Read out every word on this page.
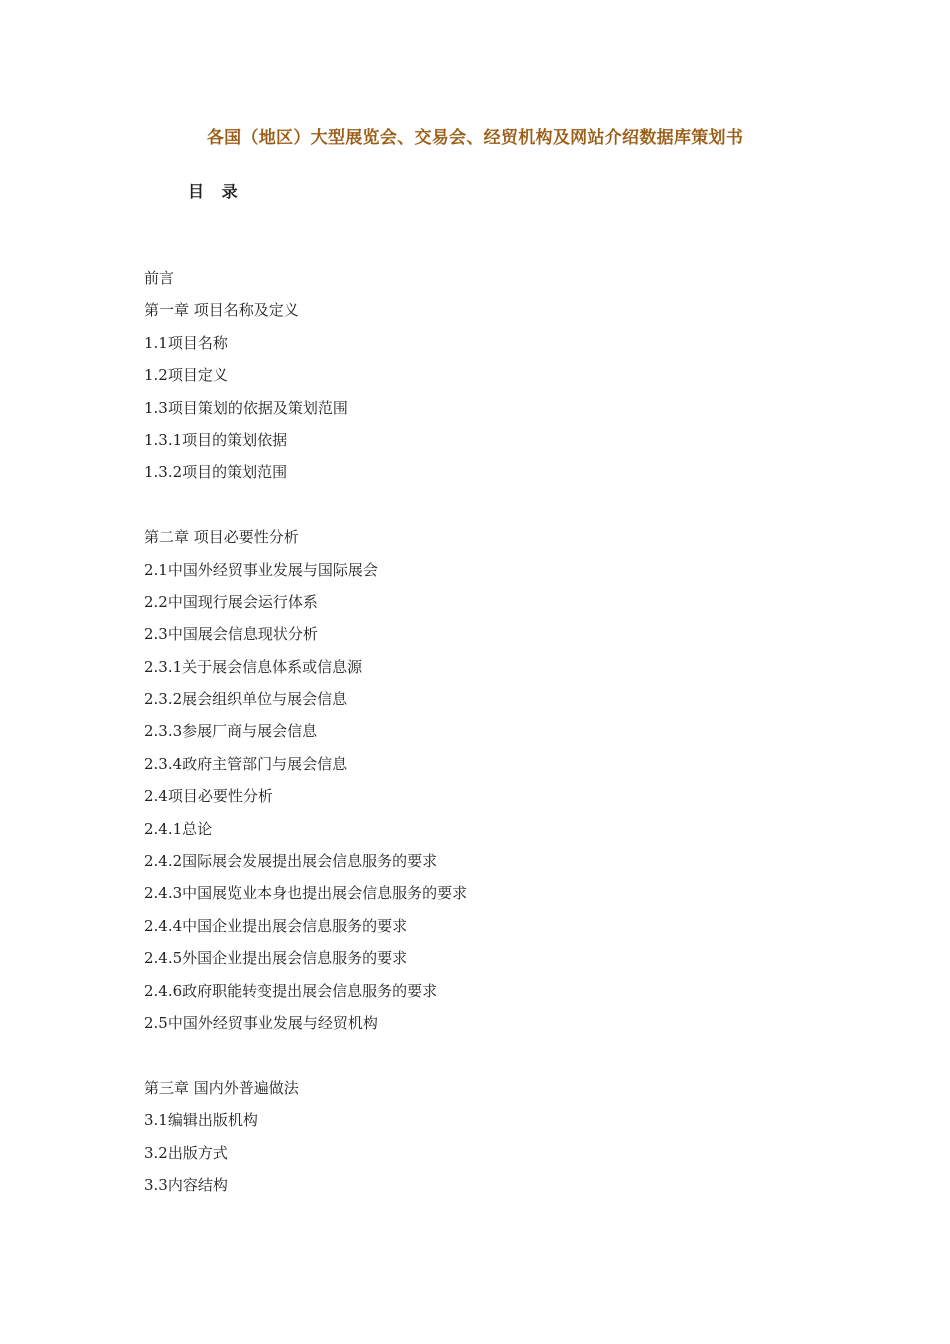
各国（地区）大型展览会、交易会、经贸机构及网站介绍数据库策划书
目 录
前言
第一章 项目名称及定义
1.1项目名称
1.2项目定义
1.3项目策划的依据及策划范围
1.3.1项目的策划依据
1.3.2项目的策划范围
第二章 项目必要性分析
2.1中国外经贸事业发展与国际展会
2.2中国现行展会运行体系
2.3中国展会信息现状分析
2.3.1关于展会信息体系或信息源
2.3.2展会组织单位与展会信息
2.3.3参展厂商与展会信息
2.3.4政府主管部门与展会信息
2.4项目必要性分析
2.4.1总论
2.4.2国际展会发展提出展会信息服务的要求
2.4.3中国展览业本身也提出展会信息服务的要求
2.4.4中国企业提出展会信息服务的要求
2.4.5外国企业提出展会信息服务的要求
2.4.6政府职能转变提出展会信息服务的要求
2.5中国外经贸事业发展与经贸机构
第三章 国内外普遍做法
3.1编辑出版机构
3.2出版方式
3.3内容结构
